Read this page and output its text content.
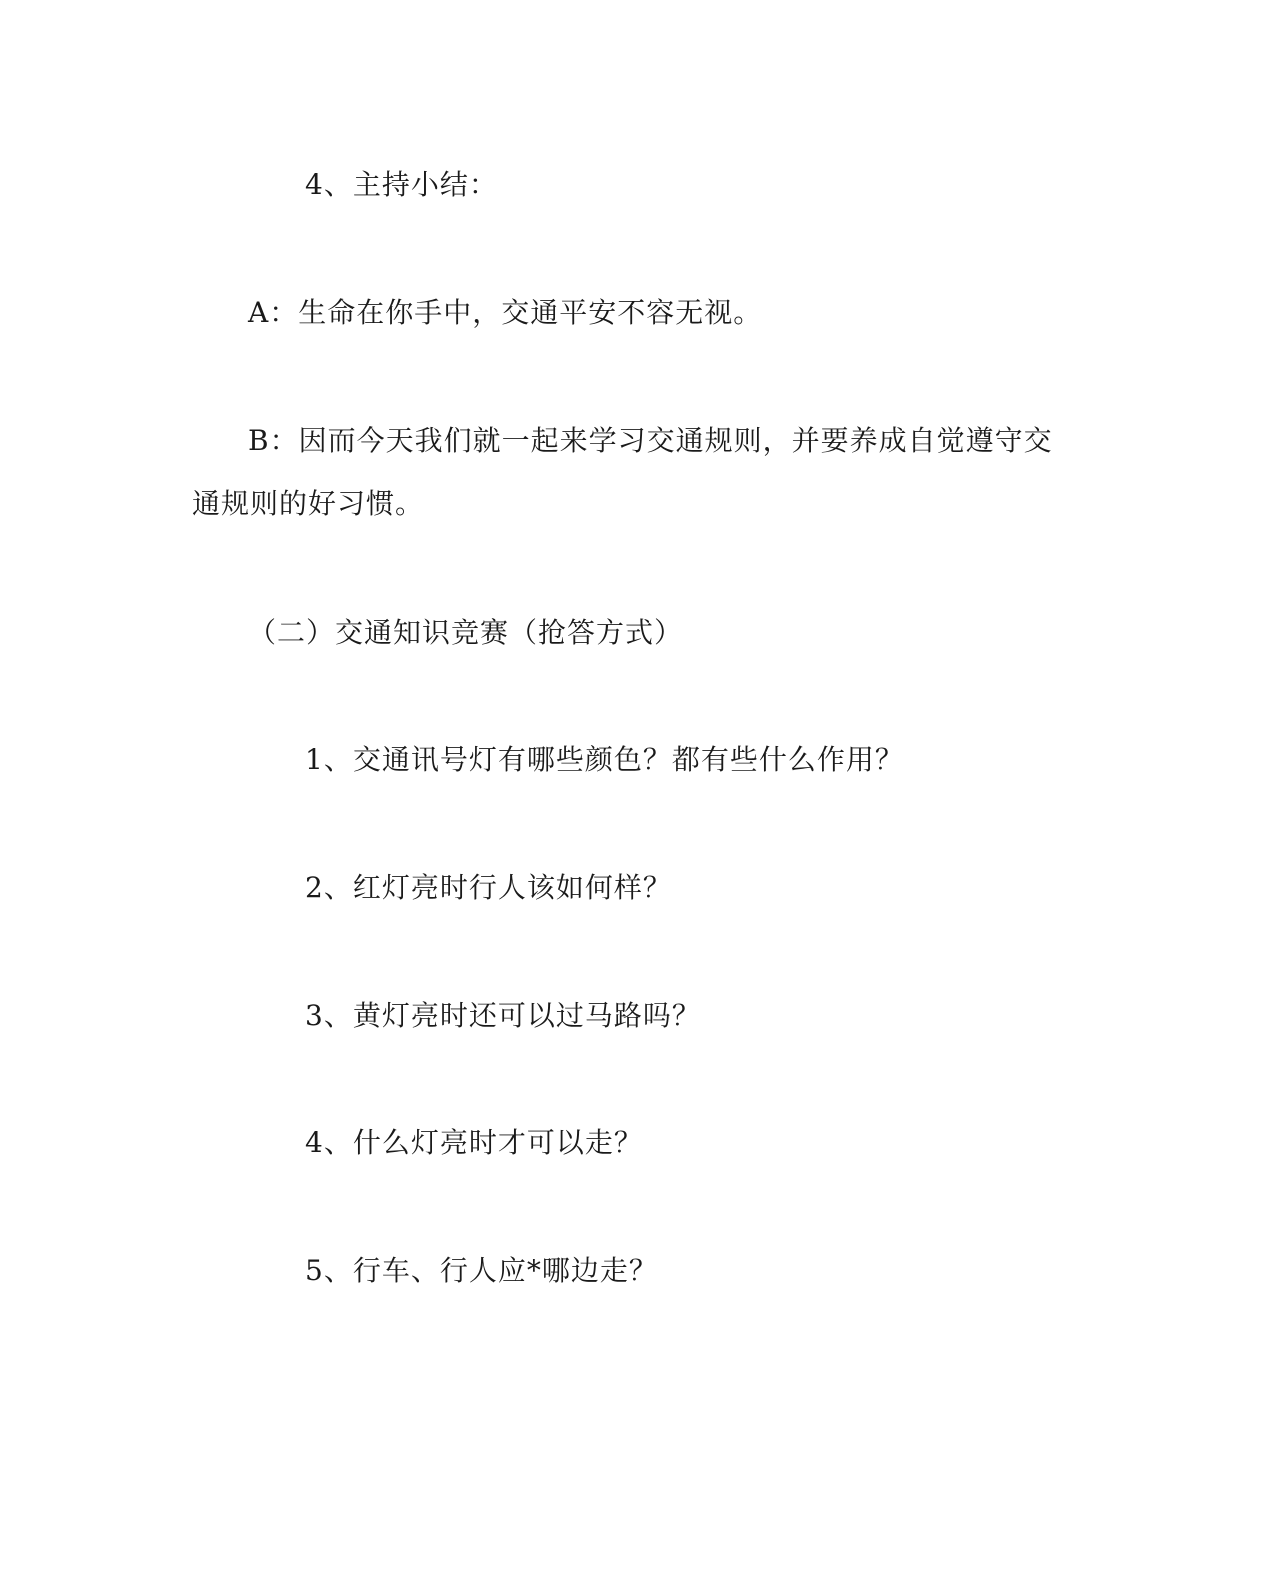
4、主持小结：
A：生命在你手中，交通平安不容无视。
B：因而今天我们就一起来学习交通规则，并要养成自觉遵守交
通规则的好习惯。
（二）交通知识竞赛（抢答方式）
1、交通讯号灯有哪些颜色？都有些什么作用？
2、红灯亮时行人该如何样？
3、黄灯亮时还可以过马路吗？
4、什么灯亮时才可以走？
5、行车、行人应*哪边走？
